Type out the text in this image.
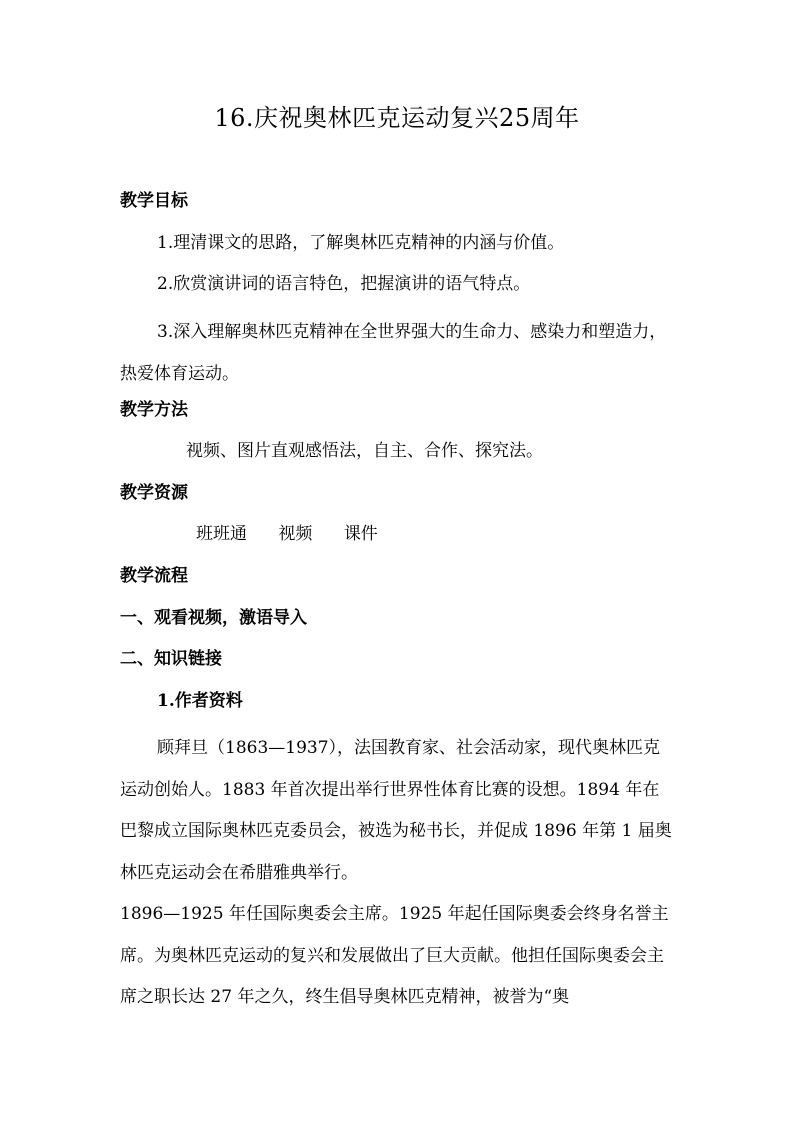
16.庆祝奥林匹克运动复兴25周年
教学目标
1.理清课文的思路，了解奥林匹克精神的内涵与价值。
2.欣赏演讲词的语言特色，把握演讲的语气特点。
3.深入理解奥林匹克精神在全世界强大的生命力、感染力和塑造力，热爱体育运动。
教学方法
视频、图片直观感悟法，自主、合作、探究法。
教学资源
班班通 视频 课件
教学流程
一、观看视频，激语导入
二、知识链接
1.作者资料
顾拜旦（1863—1937），法国教育家、社会活动家，现代奥林匹克运动创始人。1883 年首次提出举行世界性体育比赛的设想。1894 年在巴黎成立国际奥林匹克委员会，被选为秘书长，并促成 1896 年第 1 届奥林匹克运动会在希腊雅典举行。
1896—1925 年任国际奥委会主席。1925 年起任国际奥委会终身名誉主席。为奥林匹克运动的复兴和发展做出了巨大贡献。他担任国际奥委会主席之职长达 27 年之久，终生倡导奥林匹克精神，被誉为“奥
